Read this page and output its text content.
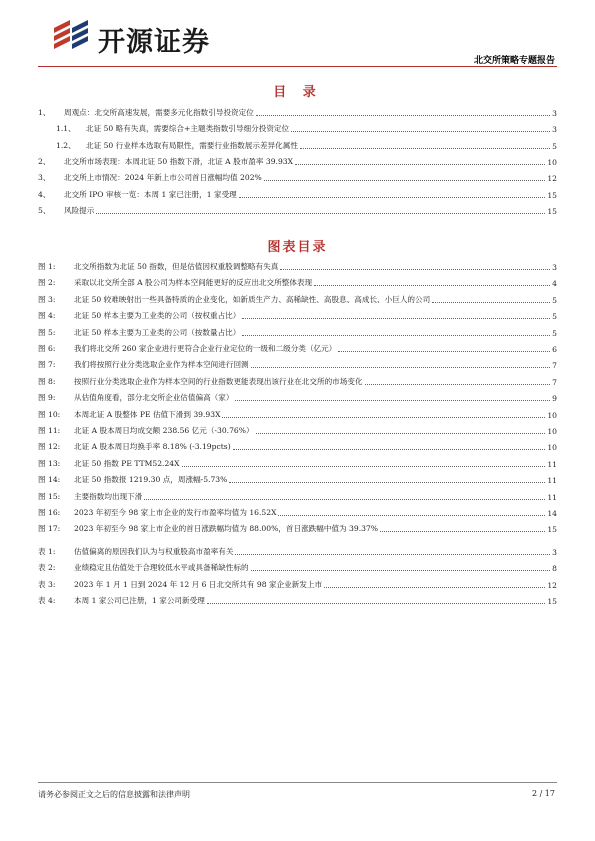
开源证券
北交所策略专题报告
目 录
1、	周观点：北交所高速发展，需要多元化指数引导投资定位	3
1.1、	北证 50 略有失真，需要综合+主题类指数引导细分投资定位	3
1.2、	北证 50 行业样本选取有局限性，需要行业指数展示差异化属性	5
2、	北交所市场表现：本周北证 50 指数下滑，北证 A 股市盈率 39.93X	10
3、	北交所上市情况：2024 年新上市公司首日涨幅均值 202%	12
4、	北交所 IPO 审核一览：本周 1 家已注册，1 家受理	15
5、	风险提示	15
图表目录
图 1:	北交所指数为北证 50 指数，但是估值因权重股调整略有失真	3
图 2:	采取以北交所全部 A 股公司为样本空间能更好的反应出北交所整体表现	4
图 3:	北证 50 较难映射出一些具备特质的企业变化，如新质生产力、高稀缺性、高股息、高成长、小巨人的公司	5
图 4:	北证 50 样本主要为工业类的公司（按权重占比）	5
图 5:	北证 50 样本主要为工业类的公司（按数量占比）	5
图 6:	我们将北交所 260 家企业进行更符合企业行业定位的一级和二级分类（亿元）	6
图 7:	我们将按照行业分类选取企业作为样本空间进行回测	7
图 8:	按照行业分类选取企业作为样本空间的行业指数更能表现出该行业在北交所的市场变化	7
图 9:	从估值角度看，部分北交所企业估值偏高（家）	9
图 10:	本周北证 A 股整体 PE 估值下滑到 39.93X	10
图 11:	北证 A 股本周日均成交额 238.56 亿元（-30.76%）	10
图 12:	北证 A 股本周日均换手率 8.18% (-3.19pcts)	10
图 13:	北证 50 指数 PE TTM52.24X	11
图 14:	北证 50 指数报 1219.30 点，周涨幅-5.73%	11
图 15:	主要指数均出现下滑	11
图 16:	2023 年初至今 98 家上市企业的发行市盈率均值为 16.52X	14
图 17:	2023 年初至今 98 家上市企业的首日涨跌幅均值为 88.00%，首日涨跌幅中值为 39.37%	15
表 1:	估值偏离的原因我们认为与权重股高市盈率有关	3
表 2:	业绩稳定且估值处于合理较低水平或具备稀缺性标的	8
表 3:	2023 年 1 月 1 日到 2024 年 12 月 6 日北交所共有 98 家企业新发上市	12
表 4:	本周 1 家公司已注册，1 家公司新受理	15
请务必参阅正文之后的信息披露和法律声明	2 / 17
